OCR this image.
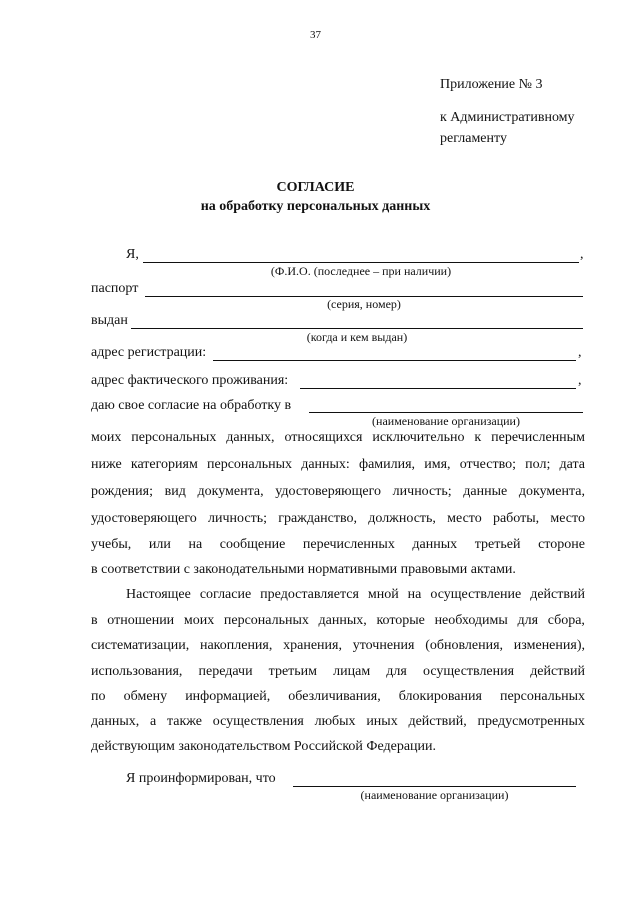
37
Приложение № 3
к Административному
регламенту
СОГЛАСИЕ
на обработку персональных данных
Я,	,
(Ф.И.О. (последнее – при наличии)
паспорт
(серия, номер)
выдан
(когда и кем выдан)
адрес регистрации:	,
адрес фактического проживания:	,
даю свое согласие на обработку в
(наименование организации)
моих персональных данных, относящихся исключительно к перечисленным
ниже категориям персональных данных: фамилия, имя, отчество; пол; дата
рождения; вид документа, удостоверяющего личность; данные документа,
удостоверяющего личность; гражданство, должность, место работы, место
учебы, или на сообщение перечисленных данных третьей стороне
в соответствии с законодательными нормативными правовыми актами.
Настоящее согласие предоставляется мной на осуществление действий
в отношении моих персональных данных, которые необходимы для сбора,
систематизации, накопления, хранения, уточнения (обновления, изменения),
использования, передачи третьим лицам для осуществления действий
по обмену информацией, обезличивания, блокирования персональных
данных, а также осуществления любых иных действий, предусмотренных
действующим законодательством Российской Федерации.
Я проинформирован, что
(наименование организации)
